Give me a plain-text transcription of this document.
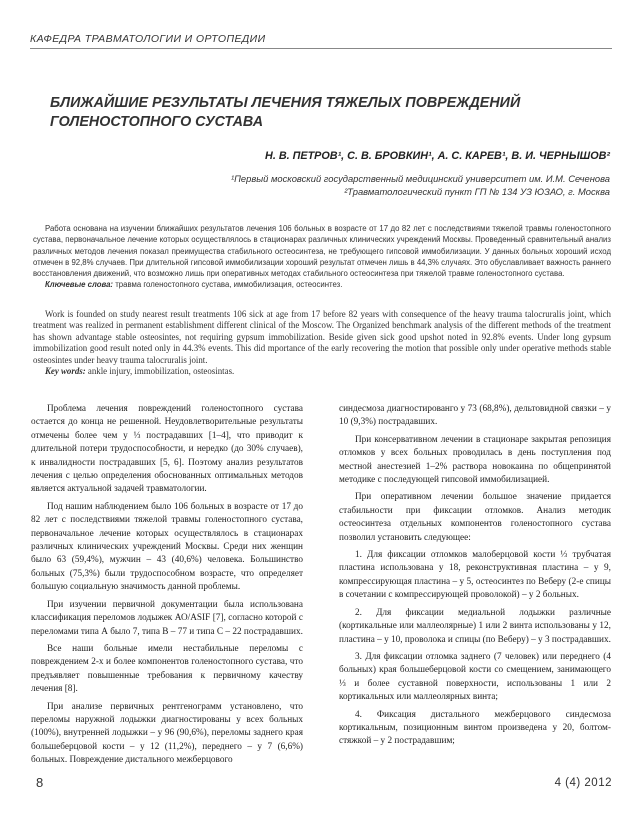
КАФЕДРА ТРАВМАТОЛОГИИ И ОРТОПЕДИИ
БЛИЖАЙШИЕ РЕЗУЛЬТАТЫ ЛЕЧЕНИЯ ТЯЖЕЛЫХ ПОВРЕЖДЕНИЙ
ГОЛЕНОСТОПНОГО СУСТАВА

Н. В. ПЕТРОВ¹, С. В. БРОВКИН¹, А. С. КАРЕВ¹, В. И. ЧЕРНЫШОВ²

¹Первый московский государственный медицинский университет им. И.М. Сеченова
²Травматологический пункт ГП № 134 УЗ ЮЗАО, г. Москва

Работа основана на изучении ближайших результатов лечения 106 больных в возрасте от 17 до 82 лет с последствиями тяжелой травмы голеностопного сустава, первоначальное лечение которых осуществлялось в стационарах различных клинических учреждений Москвы. Проведенный сравнительный анализ различных методов лечения показал преимущества стабильного остеосинтеза, не требующего гипсовой иммобилизации. У данных больных хороший исход отмечен в 92,8% случаев. При длительной гипсовой иммобилизации хороший результат отмечен лишь в 44,3% случаях. Это обуславливает важность раннего восстановления движений, что возможно лишь при оперативных методах стабильного остеосинтеза при тяжелой травме голеностопного сустава.

Ключевые слова: травма голеностопного сустава, иммобилизация, остеосинтез.

Work is founded on study nearest result treatments 106 sick at age from 17 before 82 years with consequence of the heavy trauma talocruralis joint, which treatment was realized in permanent establishment different clinical of the Moscow. The Organized benchmark analysis of the different methods of the treatment has shown advantage stable osteosintes, not requiring gypsum immobilization. Beside given sick good upshot noted in 92.8% events. Under long gypsum immobilization good result noted only in 44.3% events. This did mportance of the early recovering the motion that possible only under operative methods stable osteosintes under heavy trauma talocruralis joint.

Key words: ankle injury, immobilization, osteosintas.

Проблема лечения повреждений голеностопного сустава остается до конца не решенной. Неудовлетворительные результаты отмечены более чем у ⅓ пострадавших [1–4], что приводит к длительной потери трудоспособности, и нередко (до 30% случаев), к инвалидности пострадавших [5, 6]. Поэтому анализ результатов лечения с целью определения обоснованных оптимальных методов является актуальной задачей травматологии.

Под нашим наблюдением было 106 больных в возрасте от 17 до 82 лет с последствиями тяжелой травмы голеностопного сустава, первоначальное лечение которых осуществлялось в стационарах различных клинических учреждений Москвы. Среди них женщин было 63 (59,4%), мужчин – 43 (40,6%) человека. Большинство больных (75,3%) были трудоспособном возрасте, что определяет большую социальную значимость данной проблемы.

При изучении первичной документации была использована классификация переломов лодыжек АО/ASIF [7], согласно которой с переломами типа А было 7, типа В – 77 и типа С – 22 пострадавших.

Все наши больные имели нестабильные переломы с повреждением 2-х и более компонентов голеностопного сустава, что предъявляет повышенные требования к первичному качеству лечения [8].

При анализе первичных рентгенограмм установлено, что переломы наружной лодыжки диагностированы у всех больных (100%), внутренней лодыжки – у 96 (90,6%), переломы заднего края большеберцовой кости – у 12 (11,2%), переднего – у 7 (6,6%) больных. Повреждение дистального межберцового

синдесмоза диагностированго у 73 (68,8%), дельтовидной связки – у 10 (9,3%) пострадавших.

При консервативном лечении в стационаре закрытая репозиция отломков у всех больных проводилась в день поступления под местной анестезией 1–2% раствора новокаина по общепринятой методике с последующей гипсовой иммобилизацией.

При оперативном лечении большое значение придается стабильности при фиксации отломков. Анализ методик остеосинтеза отдельных компонентов голеностопного сустава позволил установить следующее:

1. Для фиксации отломков малоберцовой кости ⅓ трубчатая пластина использована у 18, реконструктивная пластина – у 9, компрессирующая пластина – у 5, остеосинтез по Веберу (2-е спицы в сочетании с компрессирующей проволокой) – у 2 больных.

2. Для фиксации медиальной лодыжки различные (кортикальные или маллеолярные) 1 или 2 винта использованы у 12, пластина – у 10, проволока и спицы (по Веберу) – у 3 пострадавших.

3. Для фиксации отломка заднего (7 человек) или переднего (4 больных) края большеберцовой кости со смещением, занимающего ⅓ и более суставной поверхности, использованы 1 или 2 кортикальных или маллеолярных винта;

4. Фиксация дистального межберцового синдесмоза кортикальным, позиционным винтом произведена у 20, болтом-стяжкой – у 2 пострадавшим;

8	4 (4) 2012
